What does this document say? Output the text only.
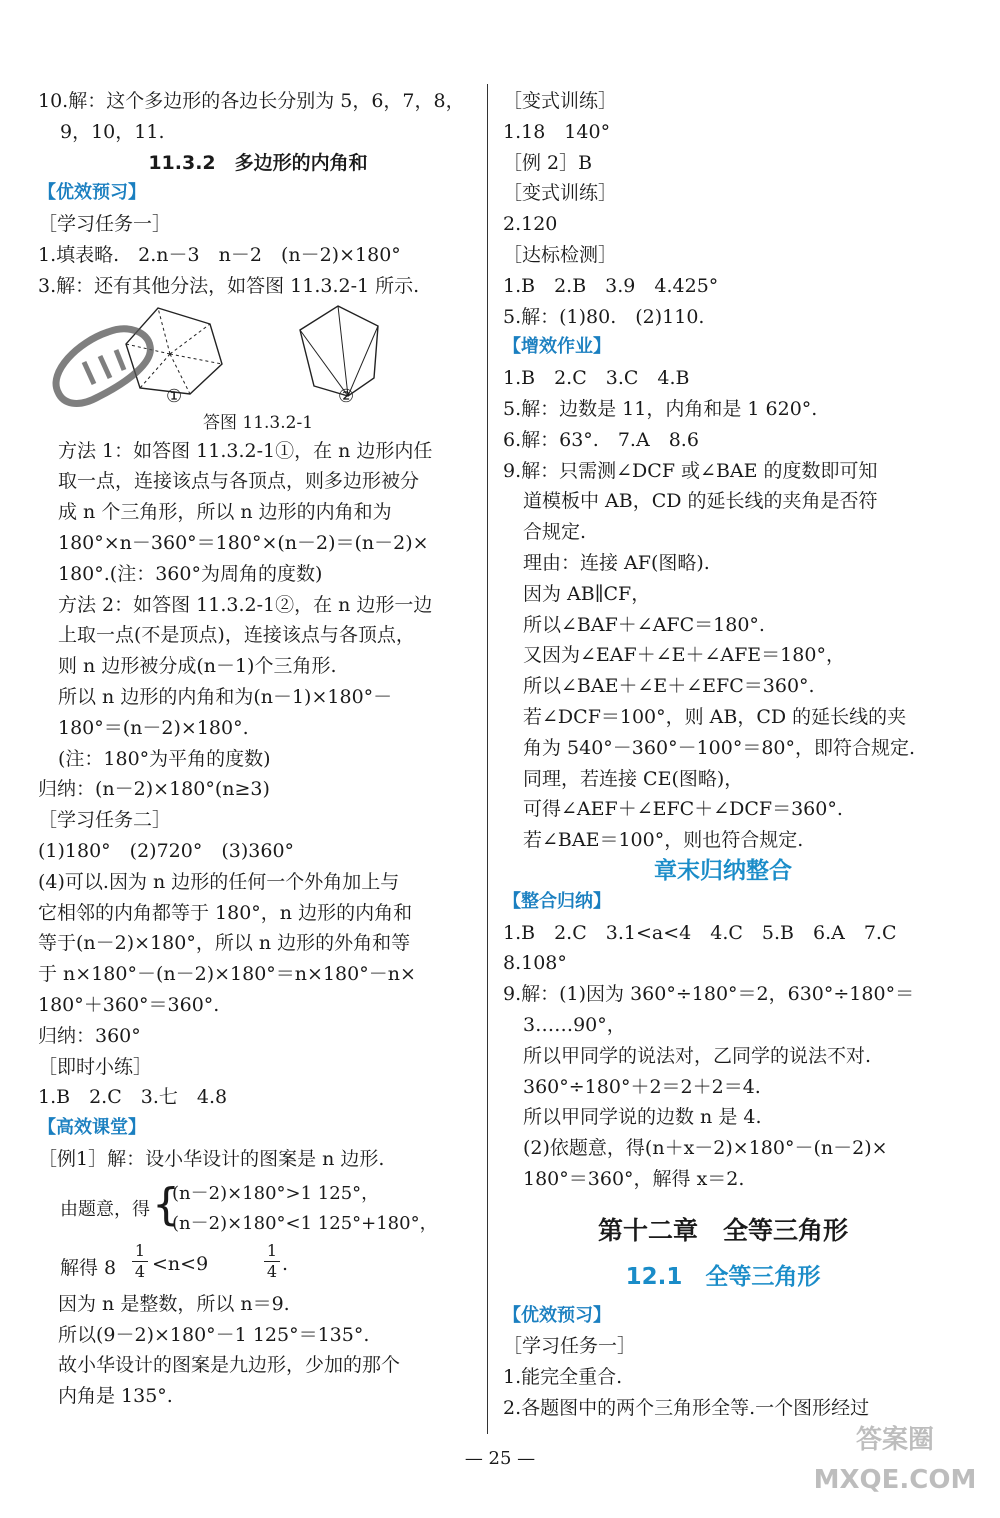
10.解：这个多边形的各边长分别为 5，6，7，8，
9，10，11.
11.3.2　多边形的内角和
【优效预习】
［学习任务一］
1.填表略.　2.n－3　n－2　(n－2)×180°
3.解：还有其他分法，如答图 11.3.2-1 所示.
①	②
答图 11.3.2-1
方法 1：如答图 11.3.2-1①，在 n 边形内任
取一点，连接该点与各顶点，则多边形被分
成 n 个三角形，所以 n 边形的内角和为
180°×n－360°＝180°×(n－2)＝(n－2)×
180°.(注：360°为周角的度数)
方法 2：如答图 11.3.2-1②，在 n 边形一边
上取一点(不是顶点)，连接该点与各顶点，
则 n 边形被分成(n－1)个三角形.
所以 n 边形的内角和为(n－1)×180°－
180°＝(n－2)×180°.
(注：180°为平角的度数)
归纳：(n－2)×180°(n≥3)
［学习任务二］
(1)180°　(2)720°　(3)360°
(4)可以.因为 n 边形的任何一个外角加上与
它相邻的内角都等于 180°，n 边形的内角和
等于(n－2)×180°，所以 n 边形的外角和等
于 n×180°－(n－2)×180°＝n×180°－n×
180°＋360°＝360°.
归纳：360°
［即时小练］
1.B　2.C　3.七　4.8
【高效课堂】
［例1］解：设小华设计的图案是 n 边形.
由题意，得 {
(n－2)×180°>1 125°，
(n－2)×180°<1 125°+180°，
解得 $8 \frac{1}{4} <n<9$	$\frac{1}{4}$ .
因为 n 是整数，所以 n＝9.
所以(9－2)×180°－1 125°＝135°.
故小华设计的图案是九边形，少加的那个
内角是 135°.
［变式训练］
1.18　140°
［例 2］B
［变式训练］
2.120
［达标检测］
1.B　2.B　3.9　4.425°
5.解：(1)80.　(2)110.
【增效作业】
1.B　2.C　3.C　4.B
5.解：边数是 11，内角和是 1 620°.
6.解：63°.　7.A　8.6
9.解：只需测∠DCF 或∠BAE 的度数即可知
道模板中 AB，CD 的延长线的夹角是否符
合规定.
理由：连接 AF(图略).
因为 AB∥CF，
所以∠BAF＋∠AFC＝180°.
又因为∠EAF＋∠E＋∠AFE＝180°，
所以∠BAE＋∠E＋∠EFC＝360°.
若∠DCF＝100°，则 AB，CD 的延长线的夹
角为 540°－360°－100°＝80°，即符合规定.
同理，若连接 CE(图略)，
可得∠AEF＋∠EFC＋∠DCF＝360°.
若∠BAE＝100°，则也符合规定.
章末归纳整合
【整合归纳】
1.B　2.C　3.1<a<4　4.C　5.B　6.A　7.C
8.108°
9.解：(1)因为 360°÷180°＝2，630°÷180°＝
3……90°，
所以甲同学的说法对，乙同学的说法不对.
360°÷180°＋2＝2＋2＝4.
所以甲同学说的边数 n 是 4.
(2)依题意，得(n＋x－2)×180°－(n－2)×
180°＝360°，解得 x＝2.
第十二章　全等三角形
12.1　全等三角形
【优效预习】
［学习任务一］
1.能完全重合.
2.各题图中的两个三角形全等.一个图形经过
— 25 —
答案圈 MXQE.COM
